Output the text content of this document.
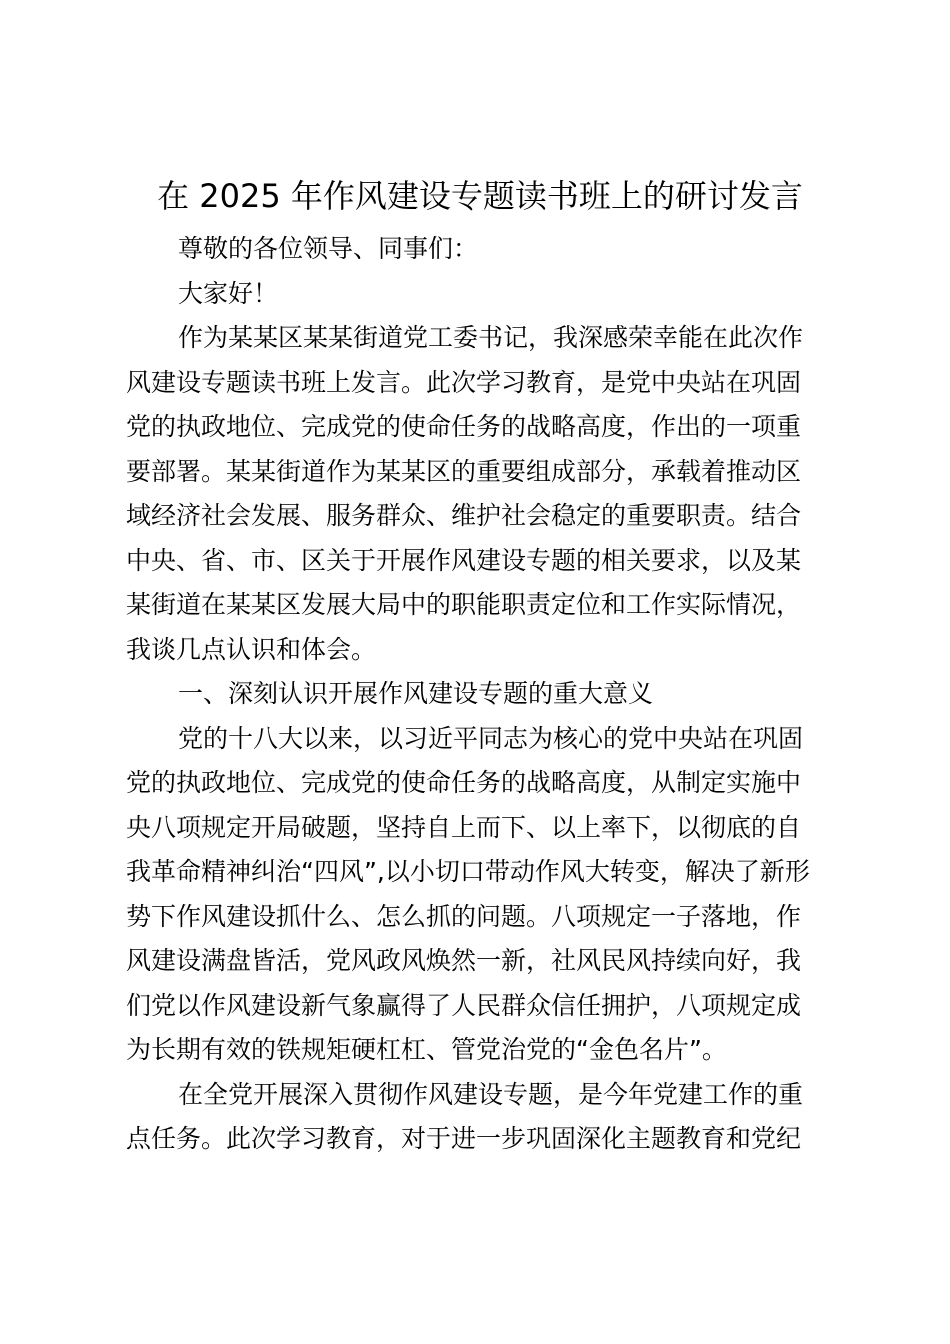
在 2025 年作风建设专题读书班上的研讨发言
尊敬的各位领导、同事们：
大家好！
作为某某区某某街道党工委书记，我深感荣幸能在此次作
风建设专题读书班上发言。此次学习教育，是党中央站在巩固
党的执政地位、完成党的使命任务的战略高度，作出的一项重
要部署。某某街道作为某某区的重要组成部分，承载着推动区
域经济社会发展、服务群众、维护社会稳定的重要职责。结合
中央、省、市、区关于开展作风建设专题的相关要求，以及某
某街道在某某区发展大局中的职能职责定位和工作实际情况，
我谈几点认识和体会。
一、深刻认识开展作风建设专题的重大意义
党的十八大以来，以习近平同志为核心的党中央站在巩固
党的执政地位、完成党的使命任务的战略高度，从制定实施中
央八项规定开局破题，坚持自上而下、以上率下，以彻底的自
我革命精神纠治“四风”,以小切口带动作风大转变，解决了新形
势下作风建设抓什么、怎么抓的问题。八项规定一子落地，作
风建设满盘皆活，党风政风焕然一新，社风民风持续向好，我
们党以作风建设新气象赢得了人民群众信任拥护，八项规定成
为长期有效的铁规矩硬杠杠、管党治党的“金色名片”。
在全党开展深入贯彻作风建设专题，是今年党建工作的重
点任务。此次学习教育，对于进一步巩固深化主题教育和党纪
